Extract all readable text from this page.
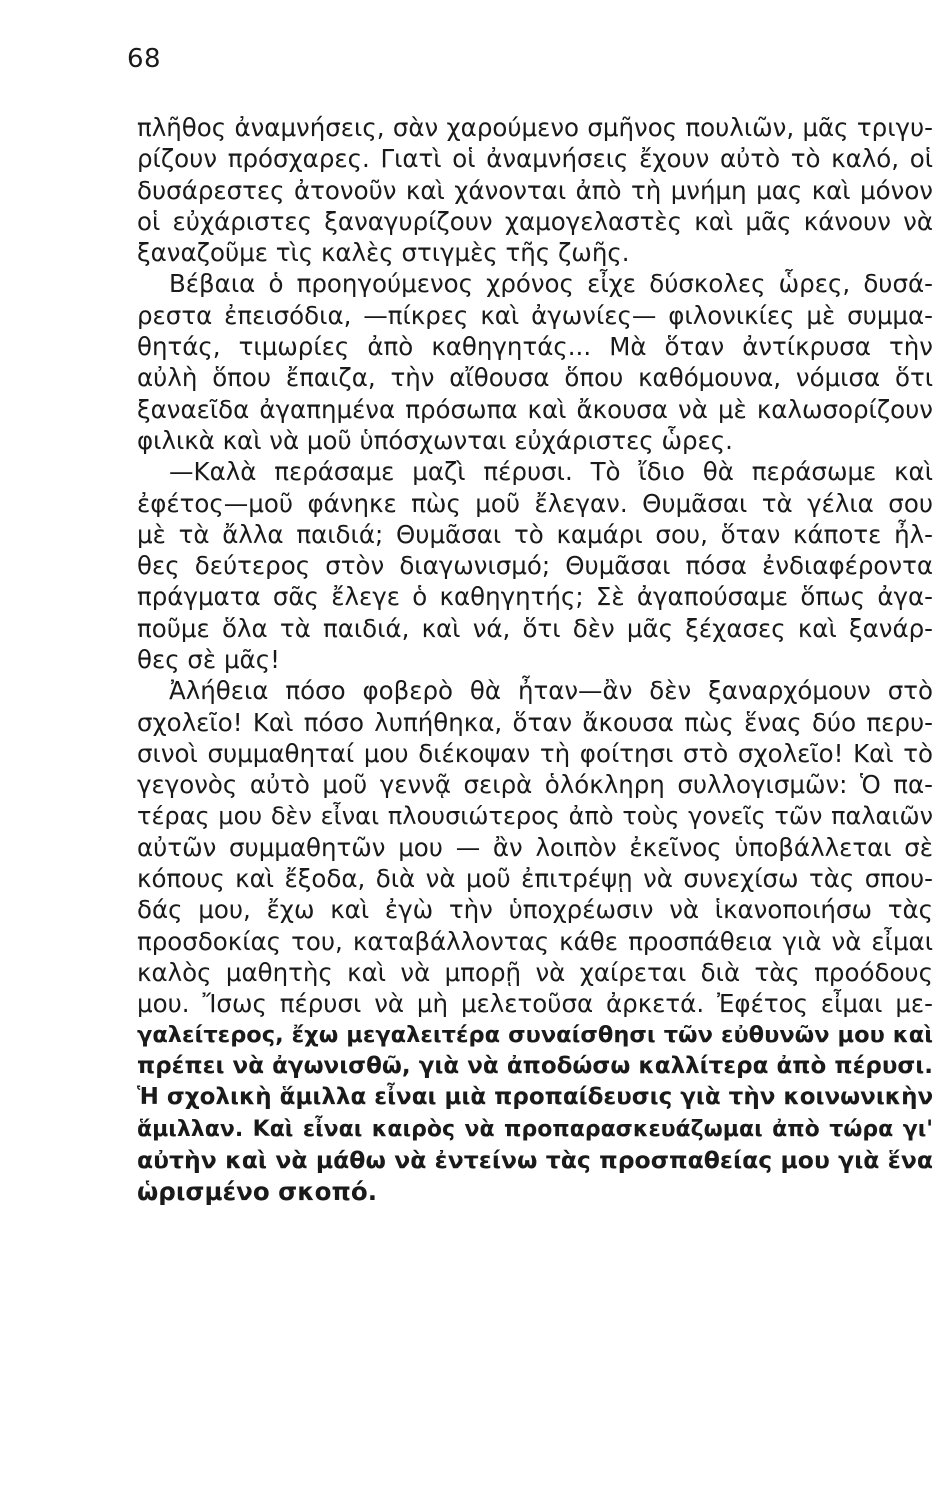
68
πλῆθος ἀναμνήσεις, σὰν χαρούμενο σμῆνος πουλιῶν, μᾶς τριγυ-
ρίζουν πρόσχαρες. Γιατὶ οἱ ἀναμνήσεις ἔχουν αὐτὸ τὸ καλό, οἱ
δυσάρεστες ἀτονοῦν καὶ χάνονται ἀπὸ τὴ μνήμη μας καὶ μόνον
οἱ εὐχάριστες ξαναγυρίζουν χαμογελαστὲς καὶ μᾶς κάνουν νὰ
ξαναζοῦμε τὶς καλὲς στιγμὲς τῆς ζωῆς.
Βέβαια ὁ προηγούμενος χρόνος εἶχε δύσκολες ὧρες, δυσά-
ρεστα ἐπεισόδια, —πίκρες καὶ ἀγωνίες— φιλονικίες μὲ συμμα-
θητάς, τιμωρίες ἀπὸ καθηγητάς... Μὰ ὅταν ἀντίκρυσα τὴν
αὐλὴ ὅπου ἔπαιζα, τὴν αἴθουσα ὅπου καθόμουνα, νόμισα ὅτι
ξαναεῖδα ἀγαπημένα πρόσωπα καὶ ἄκουσα νὰ μὲ καλωσορίζουν
φιλικὰ καὶ νὰ μοῦ ὑπόσχωνται εὐχάριστες ὧρες.
—Καλὰ περάσαμε μαζὶ πέρυσι. Τὸ ἴδιο θὰ περάσωμε καὶ
ἐφέτος—μοῦ φάνηκε πὼς μοῦ ἔλεγαν. Θυμᾶσαι τὰ γέλια σου
μὲ τὰ ἄλλα παιδιά; Θυμᾶσαι τὸ καμάρι σου, ὅταν κάποτε ἦλ-
θες δεύτερος στὸν διαγωνισμό; Θυμᾶσαι πόσα ἐνδιαφέροντα
πράγματα σᾶς ἔλεγε ὁ καθηγητής; Σὲ ἀγαπούσαμε ὅπως ἀγα-
ποῦμε ὅλα τὰ παιδιά, καὶ νά, ὅτι δὲν μᾶς ξέχασες καὶ ξανάρ-
θες σὲ μᾶς!
Ἀλήθεια πόσο φοβερὸ θὰ ἦταν—ἂν δὲν ξαναρχόμουν στὸ
σχολεῖο! Καὶ πόσο λυπήθηκα, ὅταν ἄκουσα πὼς ἕνας δύο περυ-
σινοὶ συμμαθηταί μου διέκοψαν τὴ φοίτησι στὸ σχολεῖο! Καὶ τὸ
γεγονὸς αὐτὸ μοῦ γεννᾷ σειρὰ ὁλόκληρη συλλογισμῶν: Ὁ πα-
τέρας μου δὲν εἶναι πλουσιώτερος ἀπὸ τοὺς γονεῖς τῶν παλαιῶν
αὐτῶν συμμαθητῶν μου — ἂν λοιπὸν ἐκεῖνος ὑποβάλλεται σὲ
κόπους καὶ ἔξοδα, διὰ νὰ μοῦ ἐπιτρέψῃ νὰ συνεχίσω τὰς σπου-
δάς μου, ἔχω καὶ ἐγὼ τὴν ὑποχρέωσιν νὰ ἱκανοποιήσω τὰς
προσδοκίας του, καταβάλλοντας κάθε προσπάθεια γιὰ νὰ εἶμαι
καλὸς μαθητὴς καὶ νὰ μπορῇ νὰ χαίρεται διὰ τὰς προόδους
μου. Ἴσως πέρυσι νὰ μὴ μελετοῦσα ἀρκετά. Ἐφέτος εἶμαι με-
γαλείτερος, ἔχω μεγαλειτέρα συναίσθησι τῶν εὐθυνῶν μου καὶ
πρέπει νὰ ἀγωνισθῶ, γιὰ νὰ ἀποδώσω καλλίτερα ἀπὸ πέρυσι.
Ἡ σχολικὴ ἅμιλλα εἶναι μιὰ προπαίδευσις γιὰ τὴν κοινωνικὴν
ἅμιλλαν. Καὶ εἶναι καιρὸς νὰ προπαρασκευάζωμαι ἀπὸ τώρα γι'
αὐτὴν καὶ νὰ μάθω νὰ ἐντείνω τὰς προσπαθείας μου γιὰ ἕνα
ὡρισμένο σκοπό.
